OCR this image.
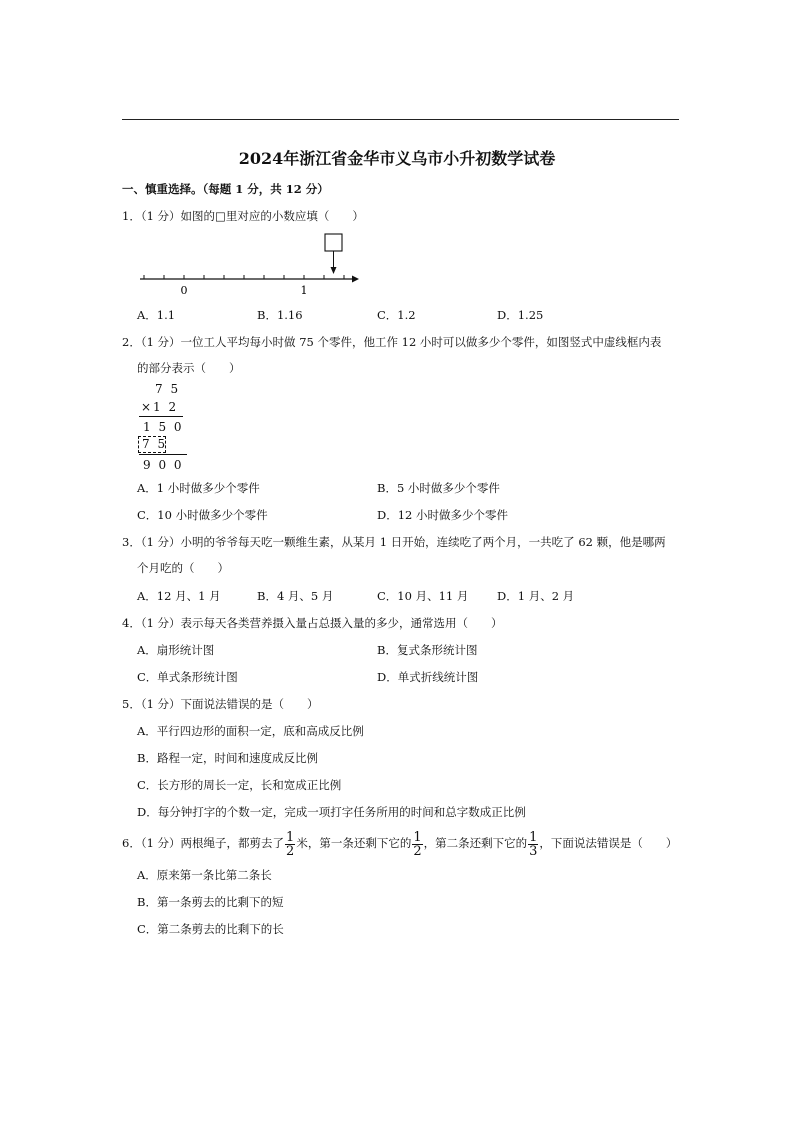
2024年浙江省金华市义乌市小升初数学试卷
一、慎重选择。（每题 1 分，共 12 分）
1．（1 分）如图的□里对应的小数应填（　　）
0	1
A．1.1	B．1.16	C．1.2	D．1.25
2．（1 分）一位工人平均每小时做 75 个零件，他工作 12 小时可以做多少个零件，如图竖式中虚线框内表
的部分表示（　　）
7 5
×1 2
1 5 0
7 5
9 0 0
A．1 小时做多少个零件	B．5 小时做多少个零件
C．10 小时做多少个零件	D．12 小时做多少个零件
3．（1 分）小明的爷爷每天吃一颗维生素，从某月 1 日开始，连续吃了两个月，一共吃了 62 颗，他是哪两
个月吃的（　　）
A．12 月、1 月	B．4 月、5 月	C．10 月、11 月 D．1 月、2 月
4．（1 分）表示每天各类营养摄入量占总摄入量的多少，通常选用（　　）
A．扇形统计图	B．复式条形统计图
C．单式条形统计图	D．单式折线统计图
5．（1 分）下面说法错误的是（　　）
A．平行四边形的面积一定，底和高成反比例
B．路程一定，时间和速度成反比例
C．长方形的周长一定，长和宽成正比例
D．每分钟打字的个数一定，完成一项打字任务所用的时间和总字数成正比例
6．（1 分）两根绳子，都剪去了 $\frac{1}{2}$ 米，第一条还剩下它的 $\frac{1}{2}$ ，第二条还剩下它的 $\frac{1}{3}$ ，下面说法错误是（　　）
A．原来第一条比第二条长
B．第一条剪去的比剩下的短
C．第二条剪去的比剩下的长
